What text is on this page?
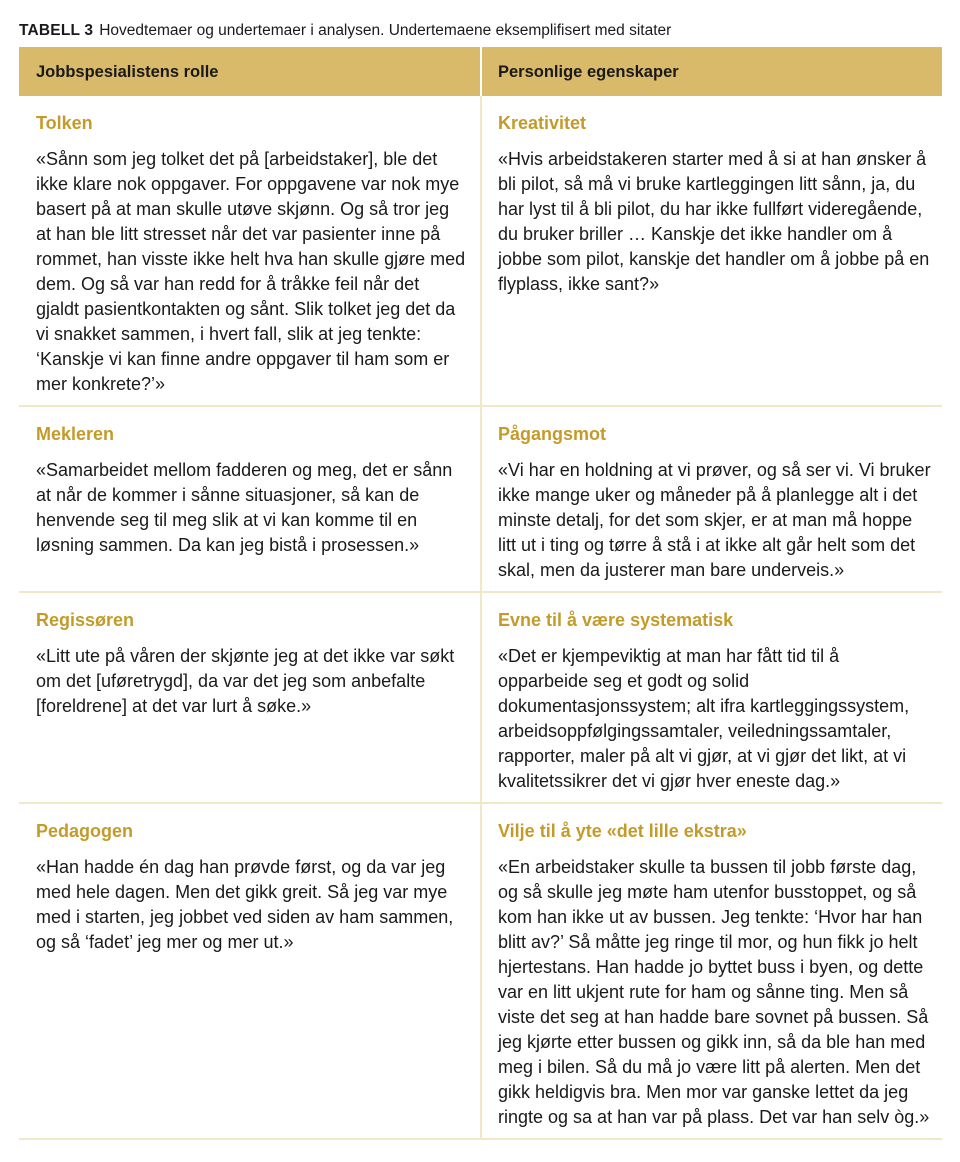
TABELL 3 Hovedtemaer og undertemaer i analysen. Undertemaene eksemplifisert med sitater
Jobbspesialistens rolle	Personlige egenskaper
Tolken

«Sånn som jeg tolket det på [arbeidstaker], ble det ikke klare nok oppgaver. For oppgavene var nok mye basert på at man skulle utøve skjønn. Og så tror jeg at han ble litt stresset når det var pasienter inne på rommet, han visste ikke helt hva han skulle gjøre med dem. Og så var han redd for å tråkke feil når det gjaldt pasientkontakten og sånt. Slik tolket jeg det da vi snakket sammen, i hvert fall, slik at jeg tenkte: ‘Kanskje vi kan finne andre oppgaver til ham som er mer konkrete?’»

Kreativitet

«Hvis arbeidstakeren starter med å si at han ønsker å bli pilot, så må vi bruke kartleggingen litt sånn, ja, du har lyst til å bli pilot, du har ikke fullført videregående, du bruker briller … Kanskje det ikke handler om å jobbe som pilot, kanskje det handler om å jobbe på en flyplass, ikke sant?»

Mekleren

«Samarbeidet mellom fadderen og meg, det er sånn at når de kommer i sånne situasjoner, så kan de henvende seg til meg slik at vi kan komme til en løsning sammen. Da kan jeg bistå i prosessen.»

Pågangsmot

«Vi har en holdning at vi prøver, og så ser vi. Vi bruker ikke mange uker og måneder på å planlegge alt i det minste detalj, for det som skjer, er at man må hoppe litt ut i ting og tørre å stå i at ikke alt går helt som det skal, men da justerer man bare underveis.»

Regissøren

«Litt ute på våren der skjønte jeg at det ikke var søkt om det [uføretrygd], da var det jeg som anbefalte [foreldrene] at det var lurt å søke.»

Evne til å være systematisk

«Det er kjempeviktig at man har fått tid til å opparbeide seg et godt og solid dokumentasjonssystem; alt ifra kartleggingssystem, arbeidsoppfølgingssamtaler, veiledningssamtaler, rapporter, maler på alt vi gjør, at vi gjør det likt, at vi kvalitetssikrer det vi gjør hver eneste dag.»

Pedagogen

«Han hadde én dag han prøvde først, og da var jeg med hele dagen. Men det gikk greit. Så jeg var mye med i starten, jeg jobbet ved siden av ham sammen, og så ‘fadet’ jeg mer og mer ut.»

Vilje til å yte «det lille ekstra»

«En arbeidstaker skulle ta bussen til jobb første dag, og så skulle jeg møte ham utenfor busstoppet, og så kom han ikke ut av bussen. Jeg tenkte: ‘Hvor har han blitt av?’ Så måtte jeg ringe til mor, og hun fikk jo helt hjertestans. Han hadde jo byttet buss i byen, og dette var en litt ukjent rute for ham og sånne ting. Men så viste det seg at han hadde bare sovnet på bussen. Så jeg kjørte etter bussen og gikk inn, så da ble han med meg i bilen. Så du må jo være litt på alerten. Men det gikk heldigvis bra. Men mor var ganske lettet da jeg ringte og sa at han var på plass. Det var han selv òg.»
